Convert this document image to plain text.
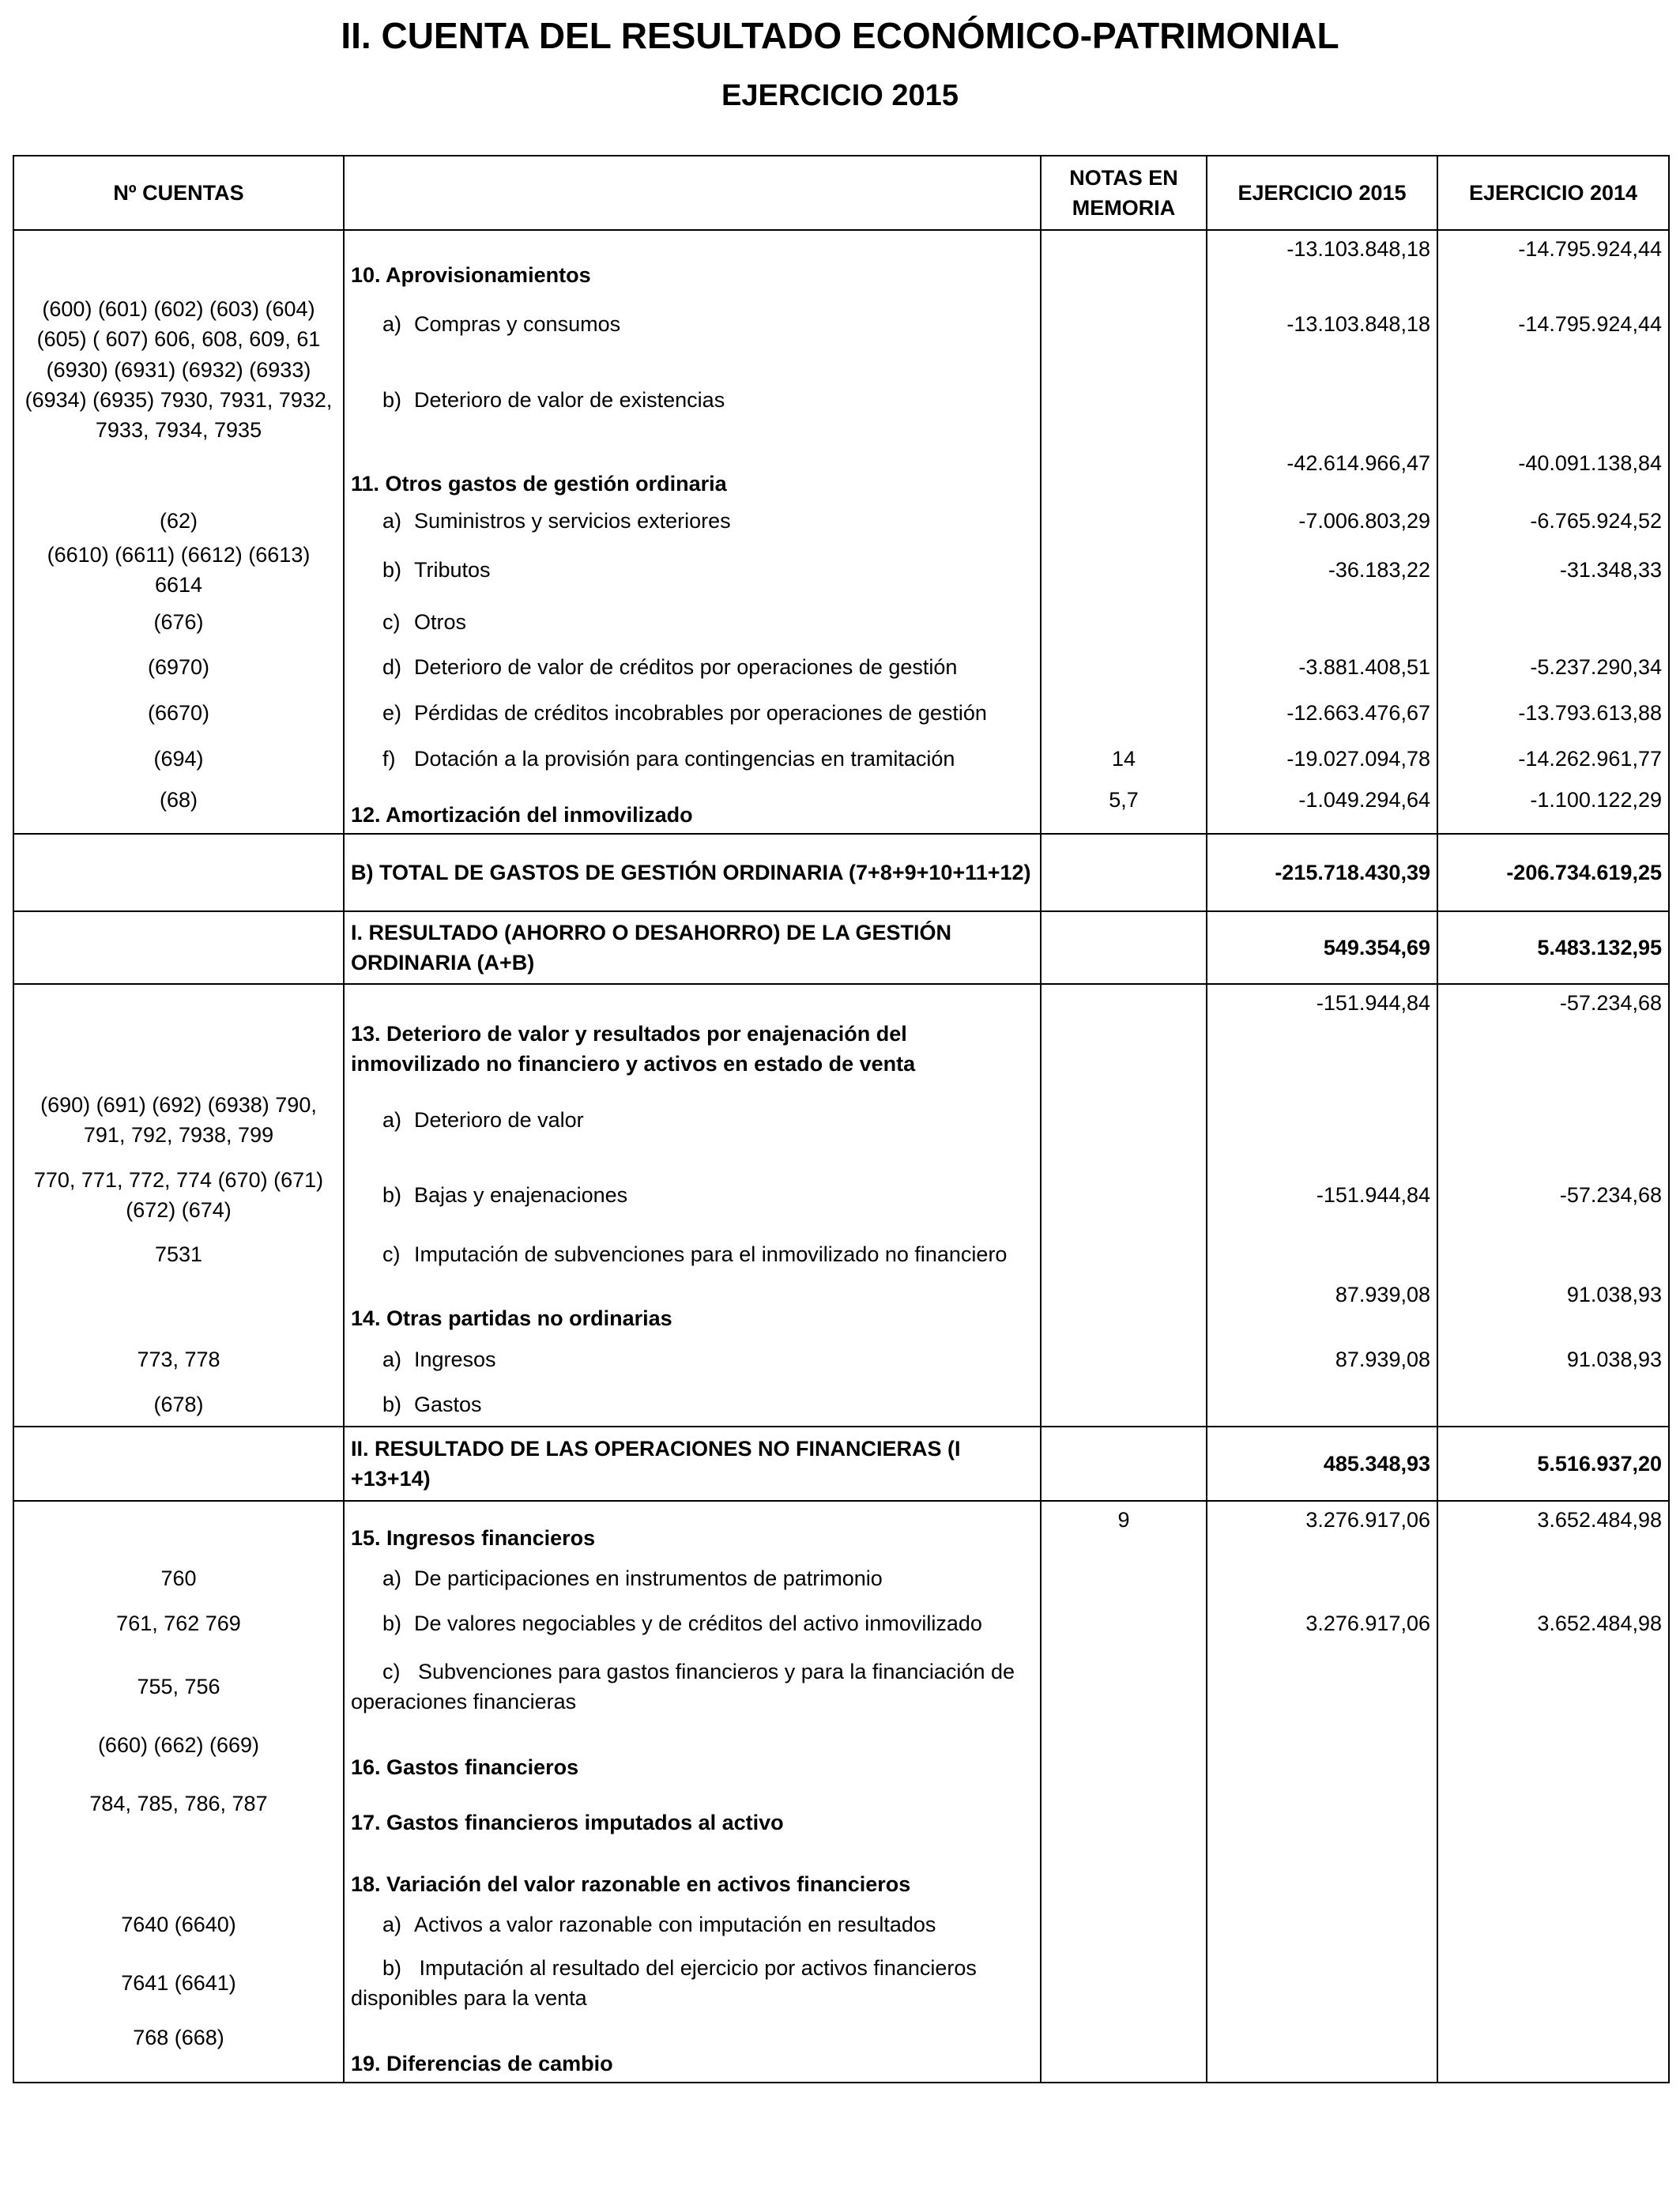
II. CUENTA DEL RESULTADO ECONÓMICO-PATRIMONIAL
EJERCICIO 2015
Nº CUENTAS		NOTAS EN MEMORIA	EJERCICIO 2015	EJERCICIO 2014
	10. Aprovisionamientos		-13.103.848,18	-14.795.924,44
(600) (601) (602) (603) (604) (605) ( 607) 606, 608, 609, 61	a) Compras y consumos		-13.103.848,18	-14.795.924,44
(6930) (6931) (6932) (6933) (6934) (6935) 7930, 7931, 7932, 7933, 7934, 7935	b) Deterioro de valor de existencias			

	11. Otros gastos de gestión ordinaria		-42.614.966,47	-40.091.138,84
(62)	a) Suministros y servicios exteriores		-7.006.803,29	-6.765.924,52
(6610) (6611) (6612) (6613) 6614	b) Tributos		-36.183,22	-31.348,33
(676)	c) Otros			

(6970)	d) Deterioro de valor de créditos por operaciones de gestión		-3.881.408,51	-5.237.290,34
(6670)	e) Pérdidas de créditos incobrables por operaciones de gestión		-12.663.476,67	-13.793.613,88
(694)	f) Dotación a la provisión para contingencias en tramitación	14	-19.027.094,78	-14.262.961,77
(68)	12. Amortización del inmovilizado	5,7	-1.049.294,64	-1.100.122,29
	B) TOTAL DE GASTOS DE GESTIÓN ORDINARIA (7+8+9+10+11+12)		-215.718.430,39	-206.734.619,25
	I. RESULTADO (AHORRO O DESAHORRO) DE LA GESTIÓN ORDINARIA (A+B)		549.354,69	5.483.132,95
	13. Deterioro de valor y resultados por enajenación del inmovilizado no financiero y activos en estado de venta		-151.944,84	-57.234,68
(690) (691) (692) (6938) 790, 791, 792, 7938, 799	a) Deterioro de valor			

770, 771, 772, 774 (670) (671) (672) (674)	b) Bajas y enajenaciones		-151.944,84	-57.234,68
7531	c) Imputación de subvenciones para el inmovilizado no financiero			

	14. Otras partidas no ordinarias		87.939,08	91.038,93
773, 778	a) Ingresos		87.939,08	91.038,93
(678)	b) Gastos			

	II. RESULTADO DE LAS OPERACIONES NO FINANCIERAS (I +13+14)		485.348,93	5.516.937,20
	15. Ingresos financieros	9	3.276.917,06	3.652.484,98
760	a) De participaciones en instrumentos de patrimonio			

761, 762 769	b) De valores negociables y de créditos del activo inmovilizado		3.276.917,06	3.652.484,98
755, 756	c) Subvenciones para gastos financieros y para la financiación de operaciones financieras			

(660) (662) (669)	16. Gastos financieros			
784, 785, 786, 787	17. Gastos financieros imputados al activo			
	18. Variación del valor razonable en activos financieros			
7640 (6640)	a) Activos a valor razonable con imputación en resultados			

7641 (6641)	b) Imputación al resultado del ejercicio por activos financieros disponibles para la venta			

768 (668)	19. Diferencias de cambio			
